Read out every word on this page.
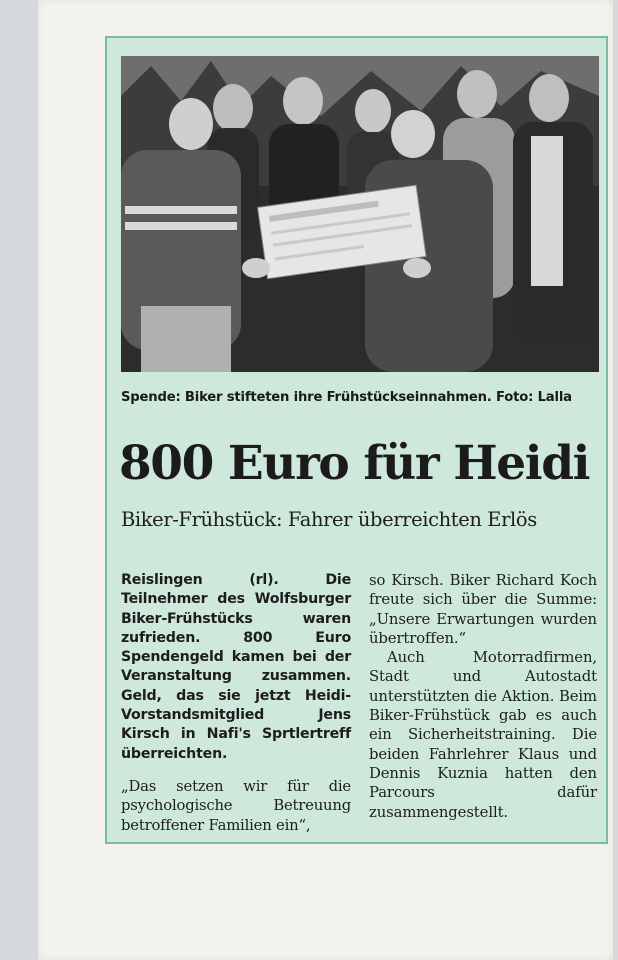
Spende: Biker stifteten ihre Frühstückseinnahmen. Foto: Lalla
800 Euro für Heidi
Biker-Frühstück: Fahrer überreichten Erlös

Reislingen (rl). Die Teilnehmer des Wolfsburger Biker-Frühstücks waren zufrieden. 800 Euro Spendengeld kamen bei der Veranstaltung zusammen. Geld, das sie jetzt Heidi-Vorstandsmitglied Jens Kirsch in Nafi's Sprtlertreff überreichten.

„Das setzen wir für die psychologische Betreuung betroffener Familien ein“,

so Kirsch. Biker Richard Koch freute sich über die Summe: „Unsere Erwartungen wurden übertroffen.“

Auch Motorradfirmen, Stadt und Autostadt unterstützten die Aktion. Beim Biker-Frühstück gab es auch ein Sicherheitstraining. Die beiden Fahrlehrer Klaus und Dennis Kuznia hatten den Parcours dafür zusammengestellt.
